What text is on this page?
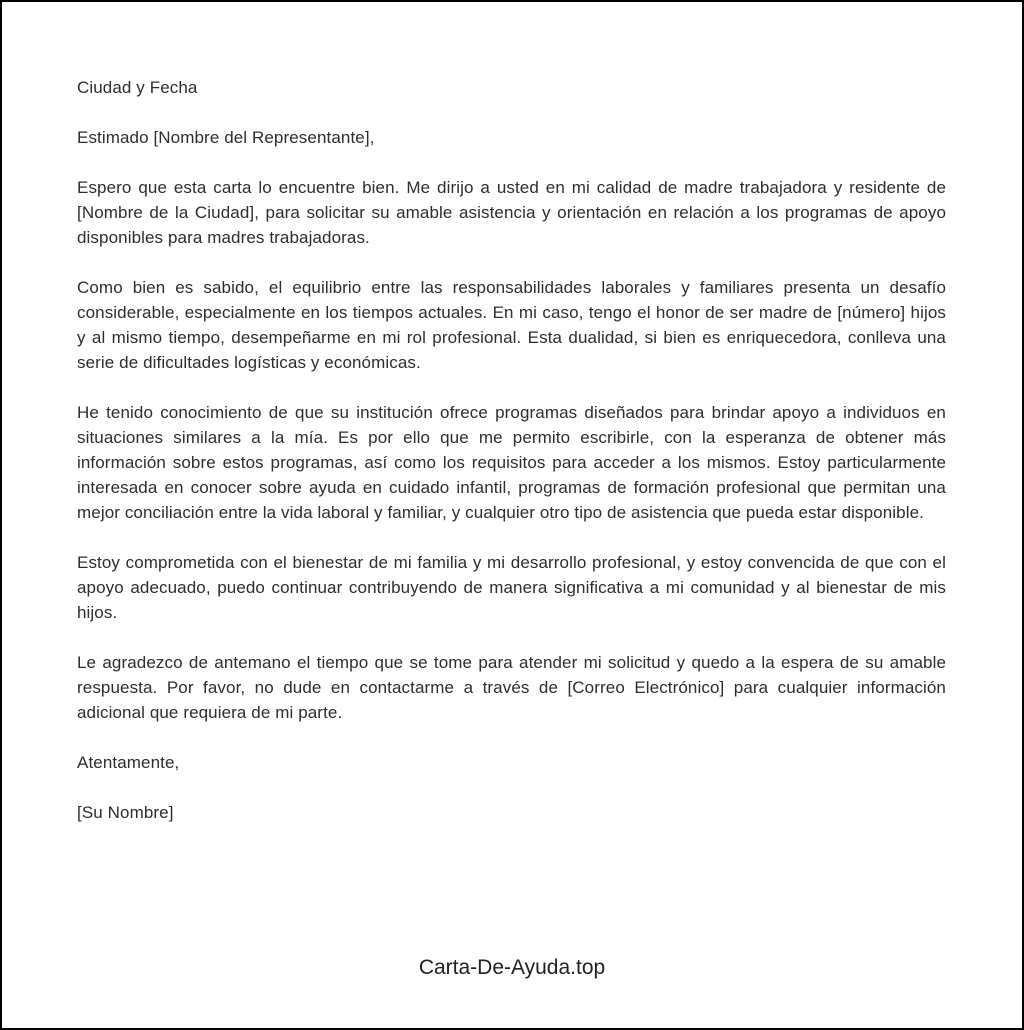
Ciudad y Fecha

Estimado [Nombre del Representante],

Espero que esta carta lo encuentre bien. Me dirijo a usted en mi calidad de madre trabajadora y residente de [Nombre de la Ciudad], para solicitar su amable asistencia y orientación en relación a los programas de apoyo disponibles para madres trabajadoras.

Como bien es sabido, el equilibrio entre las responsabilidades laborales y familiares presenta un desafío considerable, especialmente en los tiempos actuales. En mi caso, tengo el honor de ser madre de [número] hijos y al mismo tiempo, desempeñarme en mi rol profesional. Esta dualidad, si bien es enriquecedora, conlleva una serie de dificultades logísticas y económicas.

He tenido conocimiento de que su institución ofrece programas diseñados para brindar apoyo a individuos en situaciones similares a la mía. Es por ello que me permito escribirle, con la esperanza de obtener más información sobre estos programas, así como los requisitos para acceder a los mismos. Estoy particularmente interesada en conocer sobre ayuda en cuidado infantil, programas de formación profesional que permitan una mejor conciliación entre la vida laboral y familiar, y cualquier otro tipo de asistencia que pueda estar disponible.

Estoy comprometida con el bienestar de mi familia y mi desarrollo profesional, y estoy convencida de que con el apoyo adecuado, puedo continuar contribuyendo de manera significativa a mi comunidad y al bienestar de mis hijos.

Le agradezco de antemano el tiempo que se tome para atender mi solicitud y quedo a la espera de su amable respuesta. Por favor, no dude en contactarme a través de [Correo Electrónico] para cualquier información adicional que requiera de mi parte.

Atentamente,

[Su Nombre]

Carta-De-Ayuda.top
